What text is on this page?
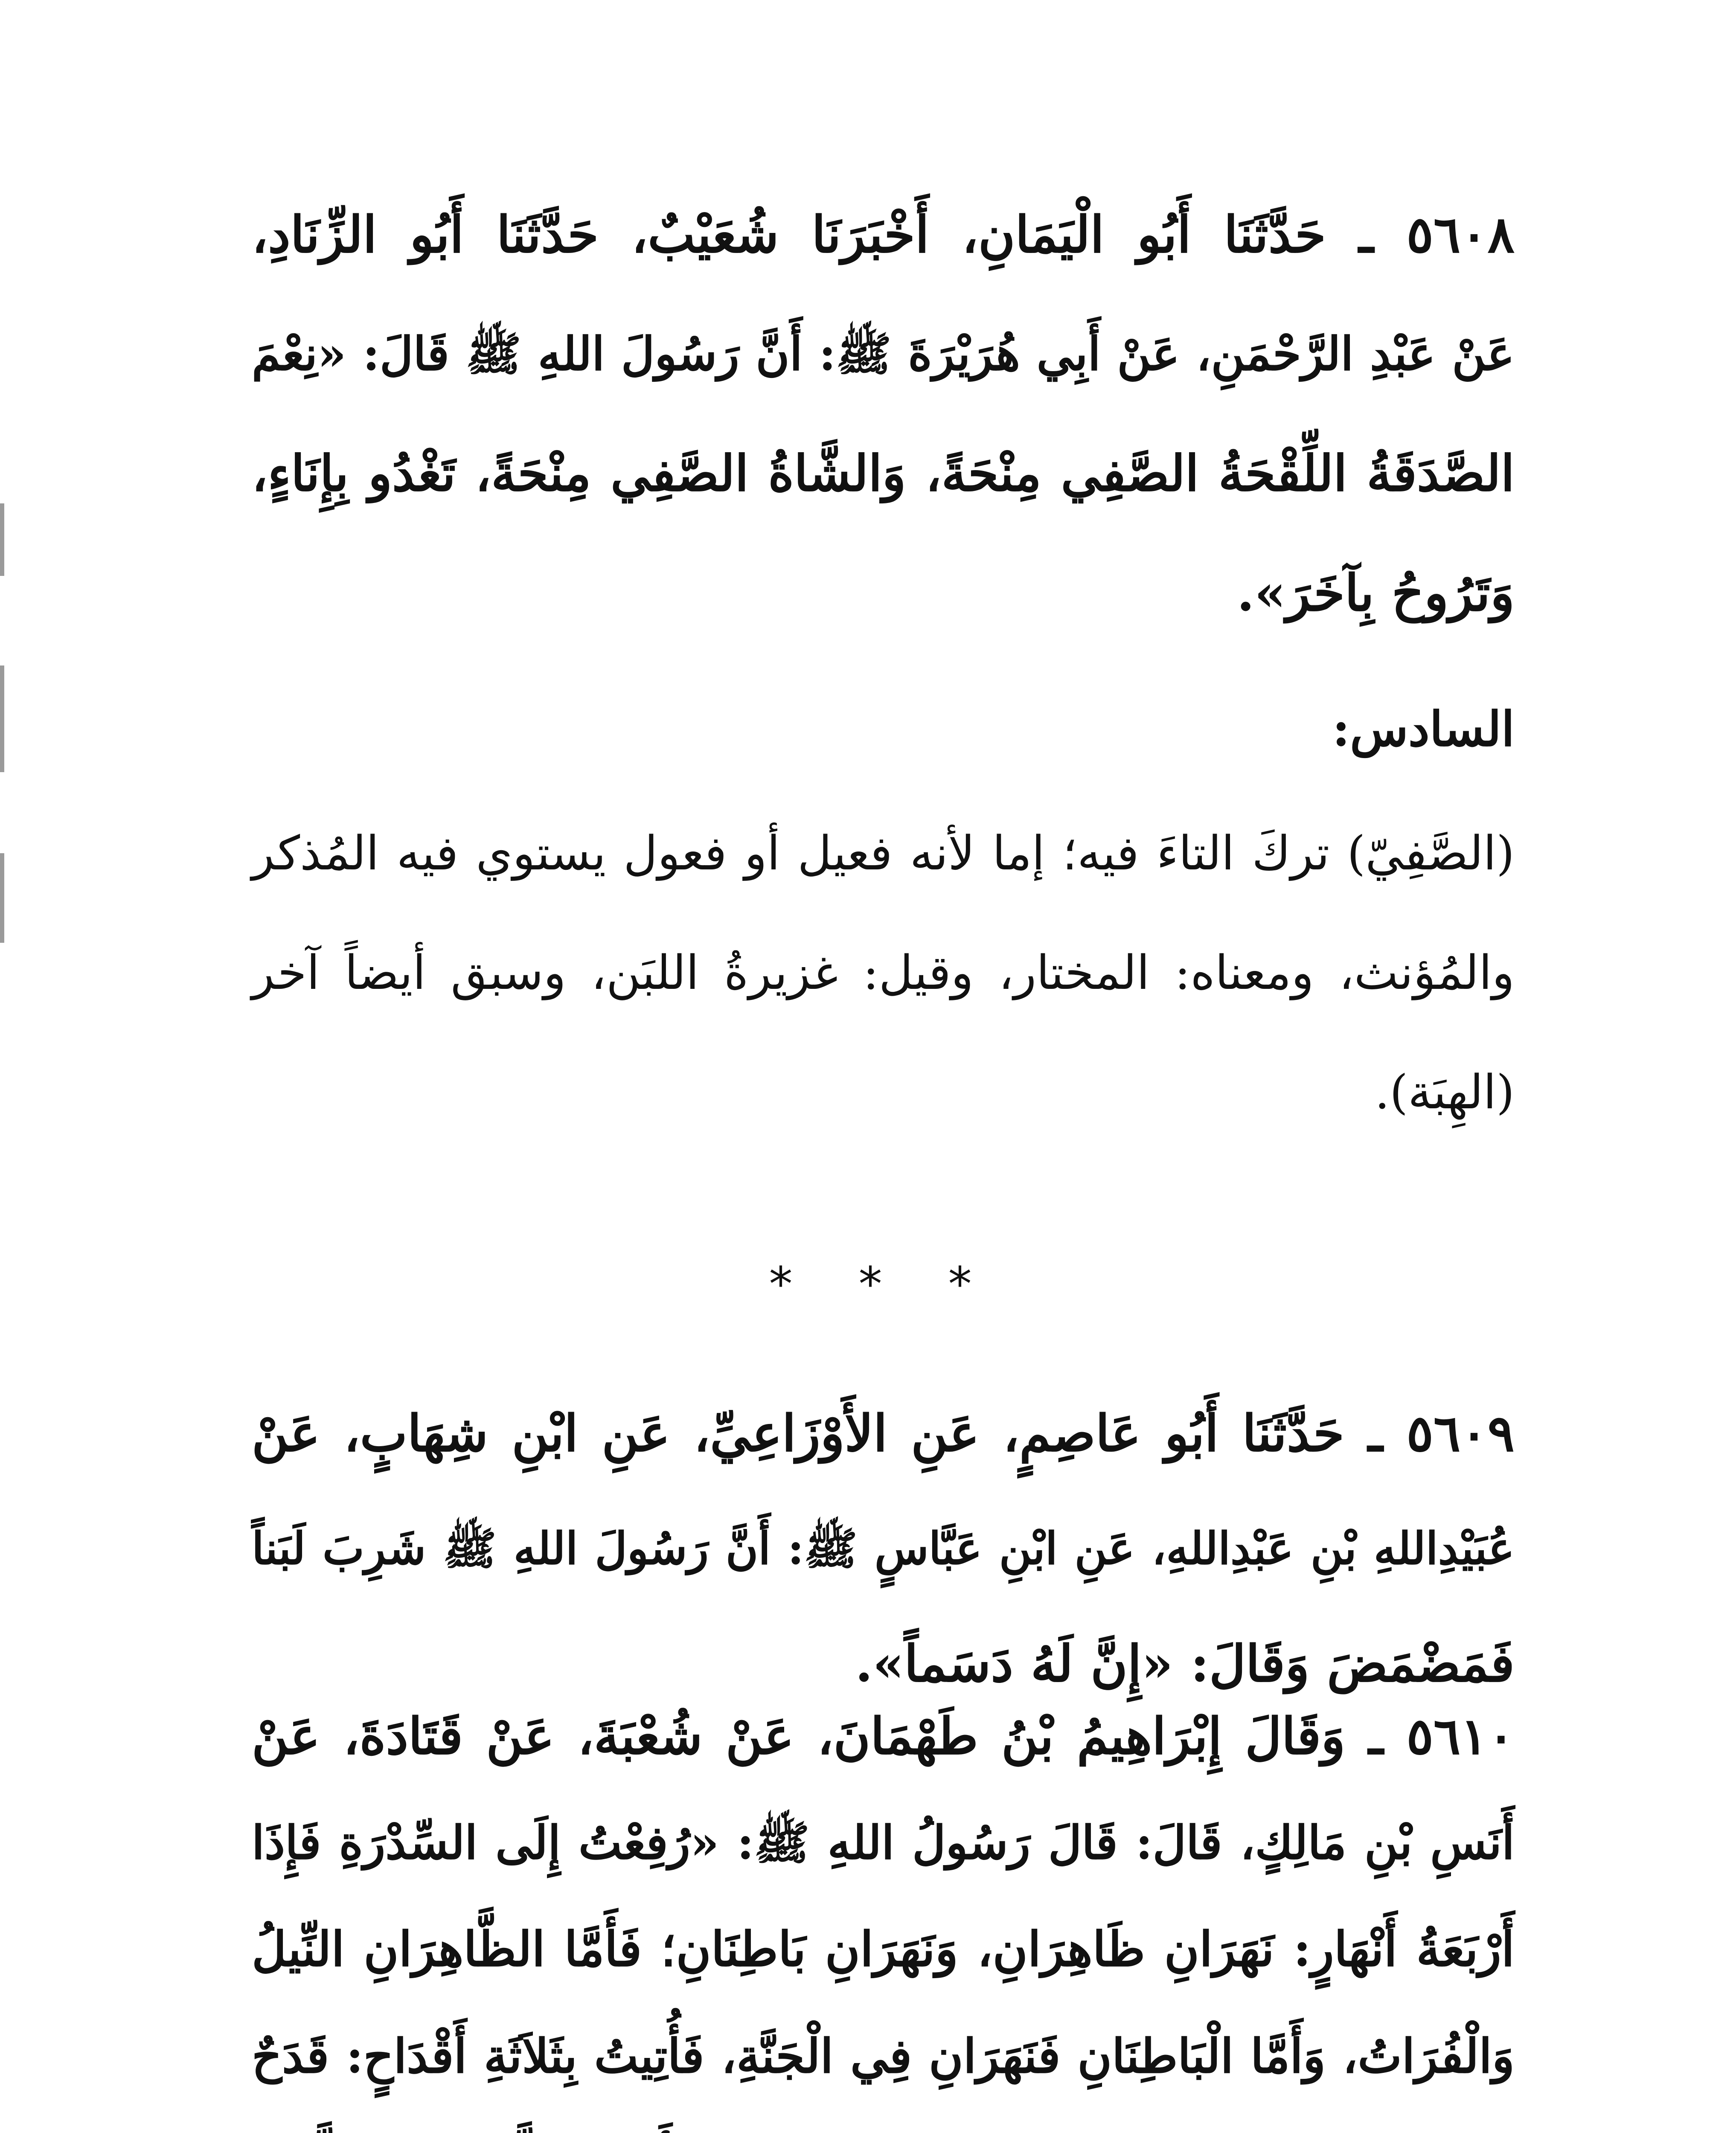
٥٦٠٨ ـ حَدَّثَنَا أَبُو الْيَمَانِ، أَخْبَرَنَا شُعَيْبٌ، حَدَّثَنَا أَبُو الزِّنَادِ،
عَنْ عَبْدِ الرَّحْمَنِ، عَنْ أَبِي هُرَيْرَةَ ﷺ: أَنَّ رَسُولَ اللهِ ﷺ قَالَ: «نِعْمَ
الصَّدَقَةُ اللِّقْحَةُ الصَّفِي مِنْحَةً، وَالشَّاةُ الصَّفِي مِنْحَةً، تَغْدُو بِإِنَاءٍ،
وَتَرُوحُ بِآخَرَ».
السادس:
(الصَّفِيّ) تركَ التاءَ فيه؛ إما لأنه فعيل أو فعول يستوي فيه المُذكر
والمُؤنث، ومعناه: المختار، وقيل: غزيرةُ اللبَن، وسبق أيضاً آخر
(الهِبَة).
* * *
٥٦٠٩ ـ حَدَّثَنَا أَبُو عَاصِمٍ، عَنِ الأَوْزَاعِيِّ، عَنِ ابْنِ شِهَابٍ، عَنْ
عُبَيْدِاللهِ بْنِ عَبْدِاللهِ، عَنِ ابْنِ عَبَّاسٍ ﷺ: أَنَّ رَسُولَ اللهِ ﷺ شَرِبَ لَبَناً
فَمَضْمَضَ وَقَالَ: «إِنَّ لَهُ دَسَماً».
٥٦١٠ ـ وَقَالَ إِبْرَاهِيمُ بْنُ طَهْمَانَ، عَنْ شُعْبَةَ، عَنْ قَتَادَةَ، عَنْ
أَنَسِ بْنِ مَالِكٍ، قَالَ: قَالَ رَسُولُ اللهِ ﷺ: «رُفِعْتُ إِلَى السِّدْرَةِ فَإِذَا
أَرْبَعَةُ أَنْهَارٍ: نَهَرَانِ ظَاهِرَانِ، وَنَهَرَانِ بَاطِنَانِ؛ فَأَمَّا الظَّاهِرَانِ النِّيلُ
وَالْفُرَاتُ، وَأَمَّا الْبَاطِنَانِ فَنَهَرَانِ فِي الْجَنَّةِ، فَأُتِيتُ بِثَلاَثَةِ أَقْدَاحٍ: قَدَحٌ
